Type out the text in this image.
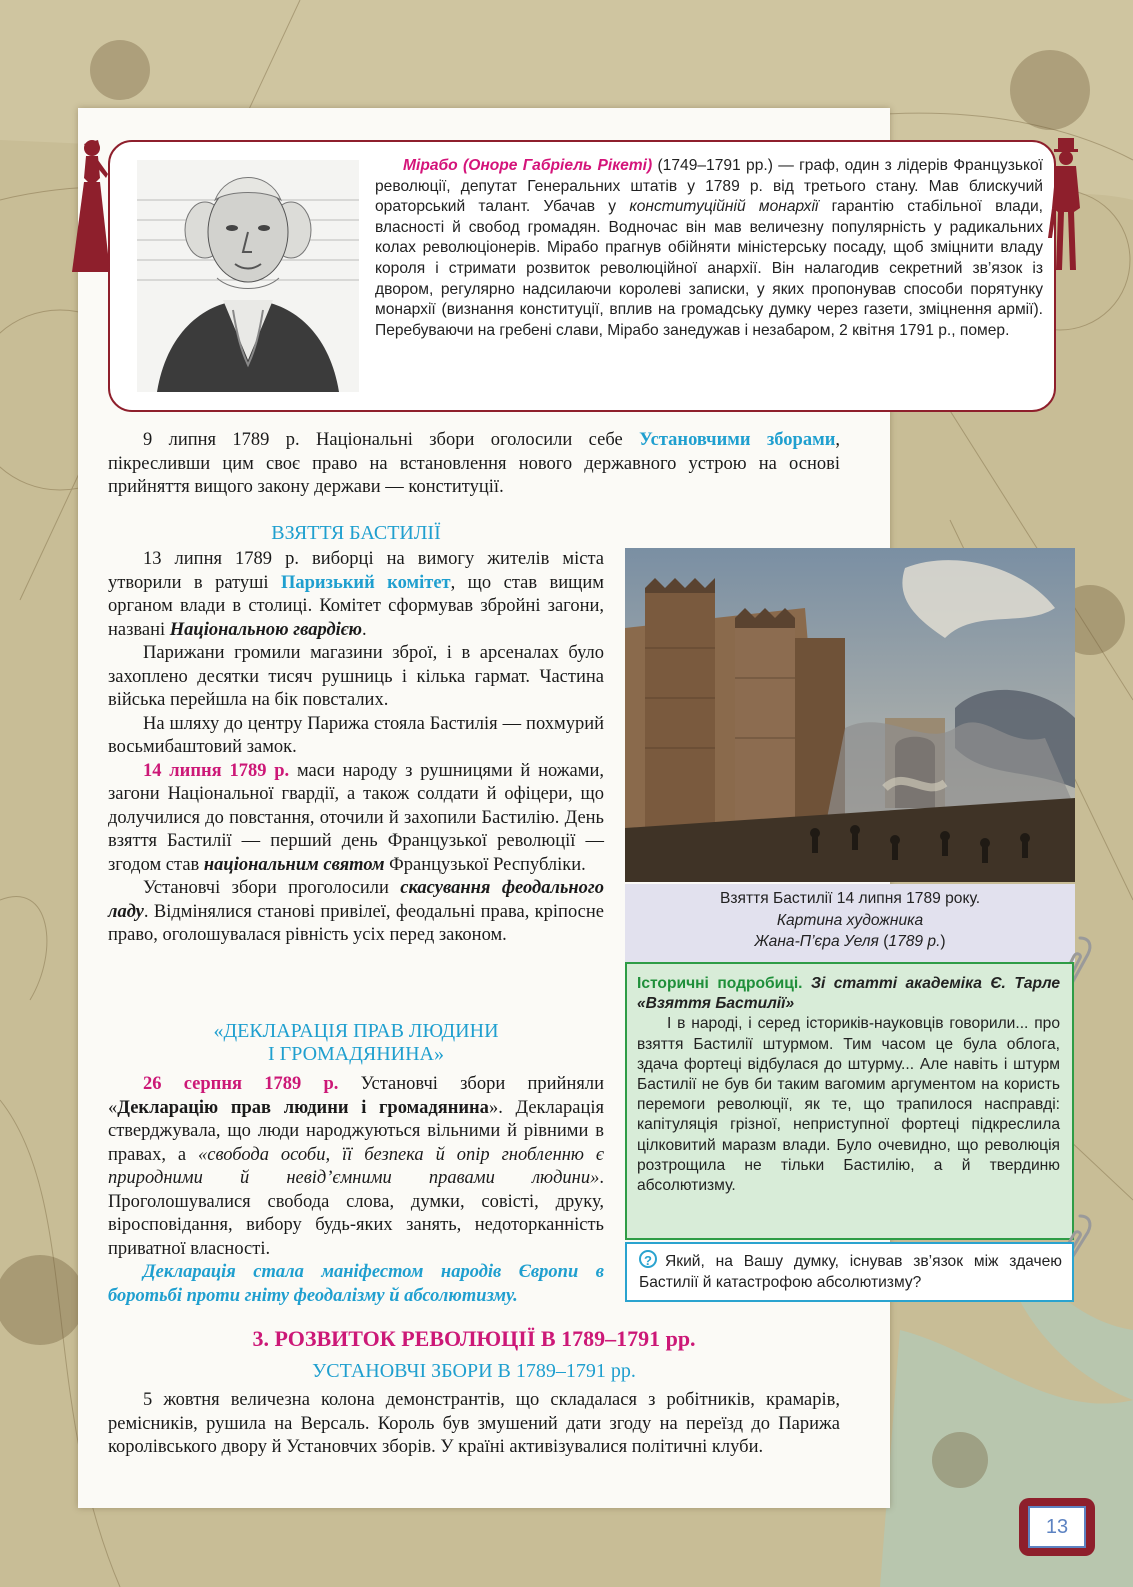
Мірабо (Оноре Габріель Рікеті) (1749–1791 рр.) — граф, один з лідерів Французької революції, депутат Генеральних штатів у 1789 р. від третього стану. Мав блискучий ораторський талант. Убачав у конституційній монархії гарантію стабільної влади, власності й свобод громадян. Водночас він мав величезну популярність у радикальних колах революціонерів. Мірабо прагнув обійняти міністерську посаду, щоб зміцнити владу короля і стримати розвиток революційної анархії. Він налагодив секретний зв’язок із двором, регулярно надсилаючи королеві записки, у яких пропонував способи порятунку монархії (визнання конституції, вплив на громадську думку через газети, зміцнення армії). Перебуваючи на гребені слави, Мірабо занедужав і незабаром, 2 квітня 1791 р., помер.
9 липня 1789 р. Національні збори оголосили себе Установчими зборами, пікресливши цим своє право на встановлення нового державного устрою на основі прийняття вищого закону держави — конституції.
ВЗЯТТЯ БАСТИЛІЇ
13 липня 1789 р. виборці на вимогу жителів міста утворили в ратуші Паризький комітет, що став вищим органом влади в столиці. Комітет сформував збройні загони, названі Національною гвардією.
Парижани громили магазини зброї, і в арсеналах було захоплено десятки тисяч рушниць і кілька гармат. Частина війська перейшла на бік повсталих.
На шляху до центру Парижа стояла Бастилія — похмурий восьмибаштовий замок.
14 липня 1789 р. маси народу з рушницями й ножами, загони Національної гвардії, а також солдати й офіцери, що долучилися до повстання, оточили й захопили Бастилію. День взяття Бастилії — перший день Французької революції — згодом став національним святом Французької Республіки.
Установчі збори проголосили скасування феодального ладу. Відмінялися станові привілеї, феодальні права, кріпосне право, оголошувалася рівність усіх перед законом.
«ДЕКЛАРАЦІЯ ПРАВ ЛЮДИНИ
І ГРОМАДЯНИНА»
26 серпня 1789 р. Установчі збори прийняли «Декларацію прав людини і громадянина». Декларація стверджувала, що люди народжуються вільними й рівними в правах, а «свобода особи, її безпека й опір гнобленню є природними й невід’ємними правами людини». Проголошувалися свобода слова, думки, совісті, друку, віросповідання, вибору будь-яких занять, недоторканність приватної власності.
Декларація стала маніфестом народів Європи в боротьбі проти гніту феодалізму й абсолютизму.
Взяття Бастилії 14 липня 1789 року.
Картина художника
Жана-П’єра Уеля (1789 р.)
Історичні подробиці. Зі статті академіка Є. Тарле «Взяття Бастилії»
І в народі, і серед істориків-науковців говорили... про взяття Бастилії штурмом. Тим часом це була облога, здача фортеці відбулася до штурму... Але навіть і штурм Бастилії не був би таким вагомим аргументом на користь перемоги революції, як те, що трапилося насправді: капітуляція грізної, неприступної фортеці підкреслила цілковитий маразм влади. Було очевидно, що революція розтрощила не тільки Бастилію, а й твердиню абсолютизму.
? Який, на Вашу думку, існував зв’язок між здачею Бастилії й катастрофою абсолютизму?
3. РОЗВИТОК РЕВОЛЮЦІЇ В 1789–1791 рр.
УСТАНОВЧІ ЗБОРИ В 1789–1791 рр.
5 жовтня величезна колона демонстрантів, що складалася з робітників, крамарів, ремісників, рушила на Версаль. Король був змушений дати згоду на переїзд до Парижа королівського двору й Установчих зборів. У країні активізувалися політичні клуби.
13
